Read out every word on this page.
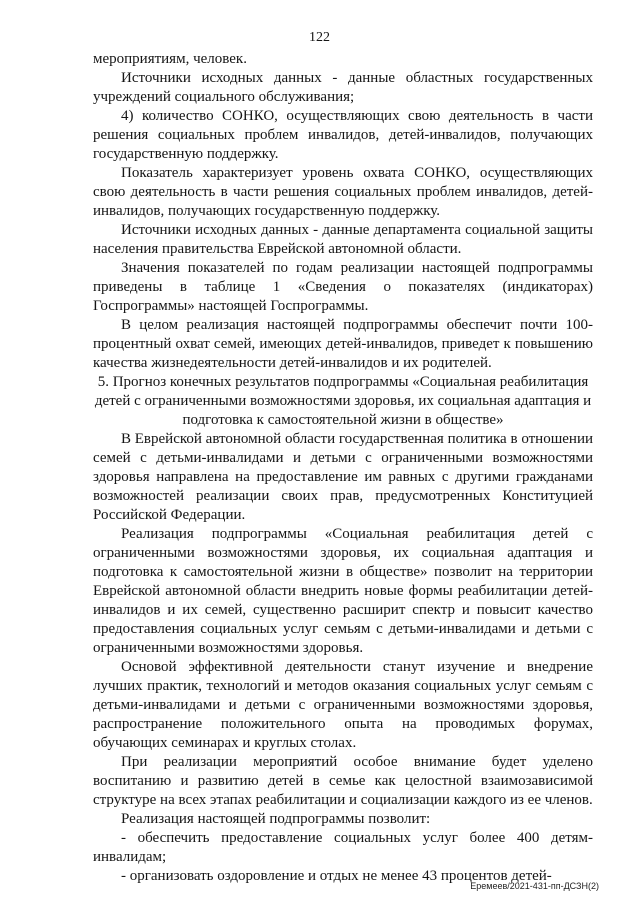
122

мероприятиям, человек.

Источники исходных данных - данные областных государственных учреждений социального обслуживания;

4) количество СОНКО, осуществляющих свою деятельность в части решения социальных проблем инвалидов, детей-инвалидов, получающих государственную поддержку.

Показатель характеризует уровень охвата СОНКО, осуществляющих свою деятельность в части решения социальных проблем инвалидов, детей-инвалидов, получающих государственную поддержку.

Источники исходных данных - данные департамента социальной защиты населения правительства Еврейской автономной области.

Значения показателей по годам реализации настоящей подпрограммы приведены в таблице 1 «Сведения о показателях (индикаторах) Госпрограммы» настоящей Госпрограммы.

В целом реализация настоящей подпрограммы обеспечит почти 100-процентный охват семей, имеющих детей-инвалидов, приведет к повышению качества жизнедеятельности детей-инвалидов и их родителей.

5. Прогноз конечных результатов подпрограммы «Социальная реабилитация детей с ограниченными возможностями здоровья, их социальная адаптация и подготовка к самостоятельной жизни в обществе»

В Еврейской автономной области государственная политика в отношении семей с детьми-инвалидами и детьми с ограниченными возможностями здоровья направлена на предоставление им равных с другими гражданами возможностей реализации своих прав, предусмотренных Конституцией Российской Федерации.

Реализация подпрограммы «Социальная реабилитация детей с ограниченными возможностями здоровья, их социальная адаптация и подготовка к самостоятельной жизни в обществе» позволит на территории Еврейской автономной области внедрить новые формы реабилитации детей-инвалидов и их семей, существенно расширит спектр и повысит качество предоставления социальных услуг семьям с детьми-инвалидами и детьми с ограниченными возможностями здоровья.

Основой эффективной деятельности станут изучение и внедрение лучших практик, технологий и методов оказания социальных услуг семьям с детьми-инвалидами и детьми с ограниченными возможностями здоровья, распространение положительного опыта на проводимых форумах, обучающих семинарах и круглых столах.

При реализации мероприятий особое внимание будет уделено воспитанию и развитию детей в семье как целостной взаимозависимой структуре на всех этапах реабилитации и социализации каждого из ее членов.

Реализация настоящей подпрограммы позволит:

- обеспечить предоставление социальных услуг более 400 детям-инвалидам;

- организовать оздоровление и отдых не менее 43 процентов детей-

Еремеев/2021-431-пп-ДСЗН(2)
